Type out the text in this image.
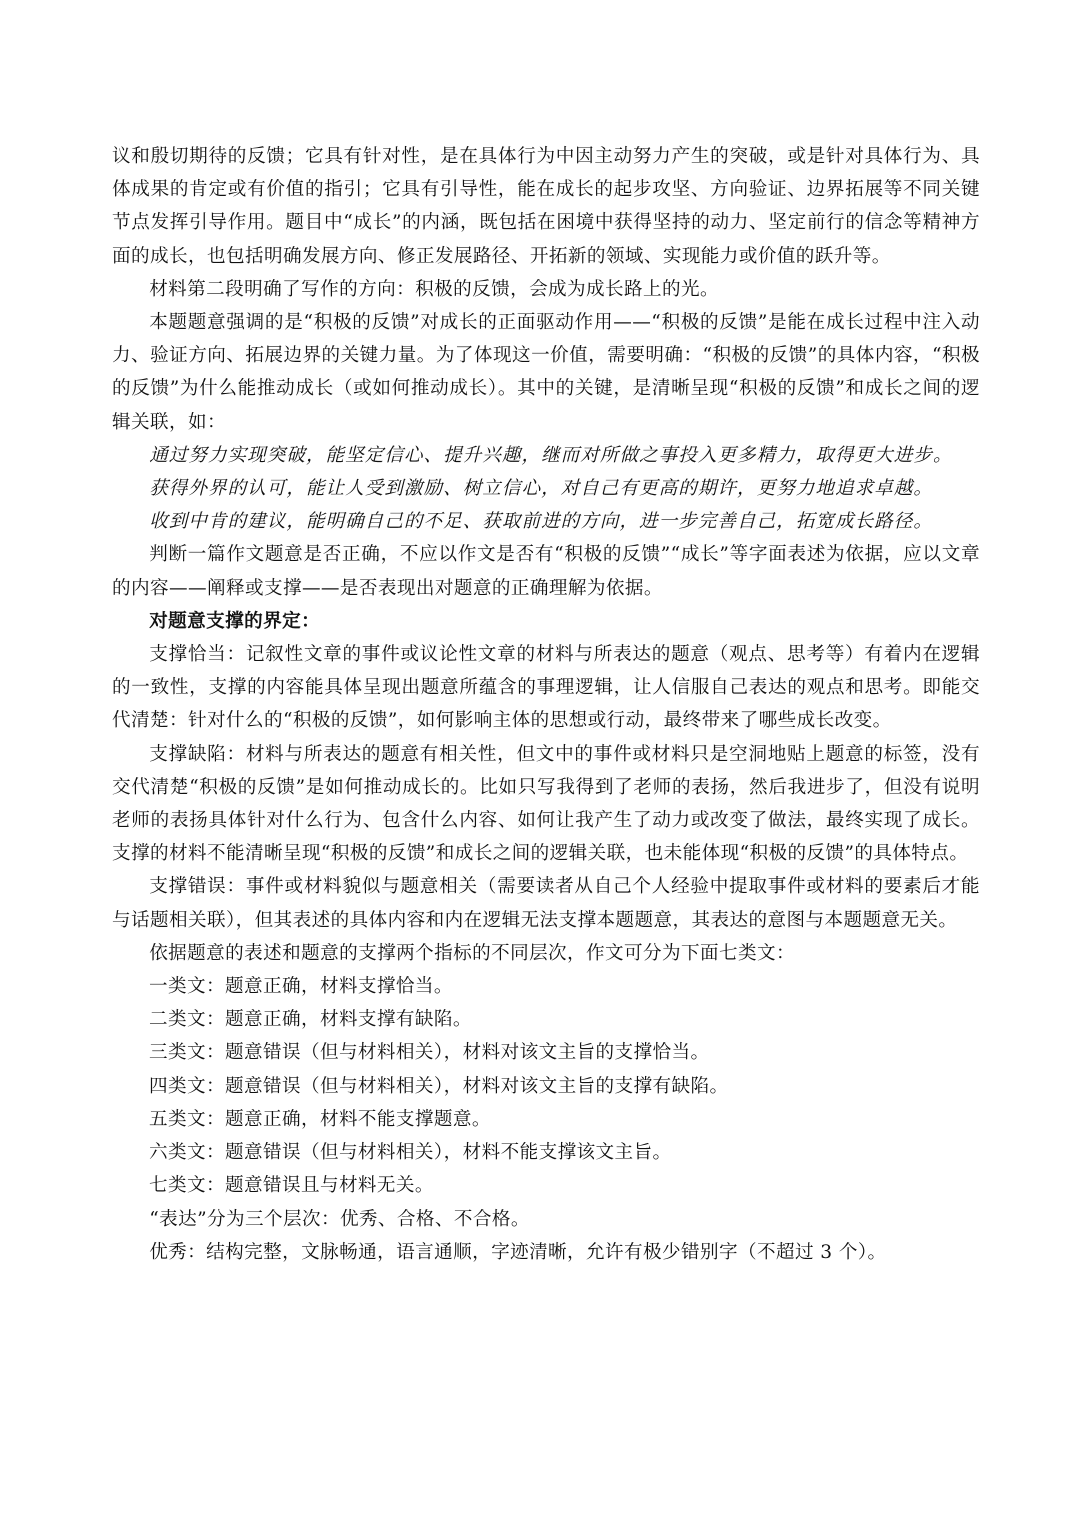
议和殷切期待的反馈；它具有针对性，是在具体行为中因主动努力产生的突破，或是针对具体行为、具体成果的肯定或有价值的指引；它具有引导性，能在成长的起步攻坚、方向验证、边界拓展等不同关键节点发挥引导作用。题目中“成长”的内涵，既包括在困境中获得坚持的动力、坚定前行的信念等精神方面的成长，也包括明确发展方向、修正发展路径、开拓新的领域、实现能力或价值的跃升等。

材料第二段明确了写作的方向：积极的反馈，会成为成长路上的光。

本题题意强调的是“积极的反馈”对成长的正面驱动作用——“积极的反馈”是能在成长过程中注入动力、验证方向、拓展边界的关键力量。为了体现这一价值，需要明确：“积极的反馈”的具体内容，“积极的反馈”为什么能推动成长（或如何推动成长）。其中的关键，是清晰呈现“积极的反馈”和成长之间的逻辑关联，如：

通过努力实现突破，能坚定信心、提升兴趣，继而对所做之事投入更多精力，取得更大进步。

获得外界的认可，能让人受到激励、树立信心，对自己有更高的期许，更努力地追求卓越。

收到中肯的建议，能明确自己的不足、获取前进的方向，进一步完善自己，拓宽成长路径。

判断一篇作文题意是否正确，不应以作文是否有“积极的反馈”“成长”等字面表述为依据，应以文章的内容——阐释或支撑——是否表现出对题意的正确理解为依据。

对题意支撑的界定：

支撑恰当：记叙性文章的事件或议论性文章的材料与所表达的题意（观点、思考等）有着内在逻辑的一致性，支撑的内容能具体呈现出题意所蕴含的事理逻辑，让人信服自己表达的观点和思考。即能交代清楚：针对什么的“积极的反馈”，如何影响主体的思想或行动，最终带来了哪些成长改变。

支撑缺陷：材料与所表达的题意有相关性，但文中的事件或材料只是空洞地贴上题意的标签，没有交代清楚“积极的反馈”是如何推动成长的。比如只写我得到了老师的表扬，然后我进步了，但没有说明老师的表扬具体针对什么行为、包含什么内容、如何让我产生了动力或改变了做法，最终实现了成长。支撑的材料不能清晰呈现“积极的反馈”和成长之间的逻辑关联，也未能体现“积极的反馈”的具体特点。

支撑错误：事件或材料貌似与题意相关（需要读者从自己个人经验中提取事件或材料的要素后才能与话题相关联），但其表述的具体内容和内在逻辑无法支撑本题题意，其表达的意图与本题题意无关。

依据题意的表述和题意的支撑两个指标的不同层次，作文可分为下面七类文：

一类文：题意正确，材料支撑恰当。

二类文：题意正确，材料支撑有缺陷。

三类文：题意错误（但与材料相关），材料对该文主旨的支撑恰当。

四类文：题意错误（但与材料相关），材料对该文主旨的支撑有缺陷。

五类文：题意正确，材料不能支撑题意。

六类文：题意错误（但与材料相关），材料不能支撑该文主旨。

七类文：题意错误且与材料无关。

“表达”分为三个层次：优秀、合格、不合格。

优秀：结构完整，文脉畅通，语言通顺，字迹清晰，允许有极少错别字（不超过 3 个）。
